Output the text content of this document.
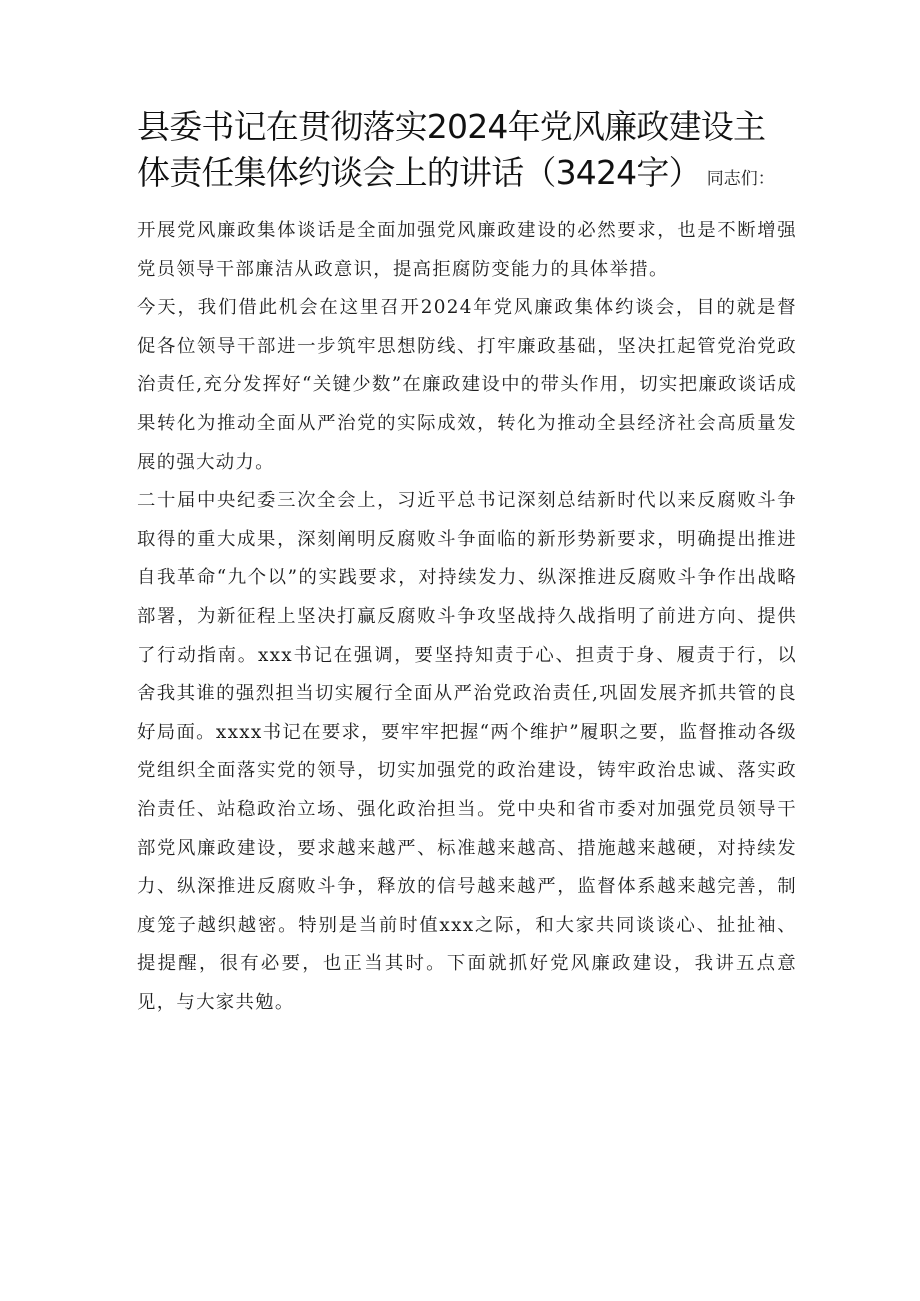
县委书记在贯彻落实2024年党风廉政建设主体责任集体约谈会上的讲话（3424字） 同志们：

开展党风廉政集体谈话是全面加强党风廉政建设的必然要求，也是不断增强党员领导干部廉洁从政意识，提高拒腐防变能力的具体举措。

今天，我们借此机会在这里召开2024年党风廉政集体约谈会，目的就是督促各位领导干部进一步筑牢思想防线、打牢廉政基础，坚决扛起管党治党政治责任,充分发挥好“关键少数”在廉政建设中的带头作用，切实把廉政谈话成果转化为推动全面从严治党的实际成效，转化为推动全县经济社会高质量发展的强大动力。

二十届中央纪委三次全会上，习近平总书记深刻总结新时代以来反腐败斗争取得的重大成果，深刻阐明反腐败斗争面临的新形势新要求，明确提出推进自我革命“九个以”的实践要求，对持续发力、纵深推进反腐败斗争作出战略部署，为新征程上坚决打赢反腐败斗争攻坚战持久战指明了前进方向、提供了行动指南。xxx书记在强调，要坚持知责于心、担责于身、履责于行，以舍我其谁的强烈担当切实履行全面从严治党政治责任,巩固发展齐抓共管的良好局面。xxxx书记在要求，要牢牢把握“两个维护”履职之要，监督推动各级党组织全面落实党的领导，切实加强党的政治建设，铸牢政治忠诚、落实政治责任、站稳政治立场、强化政治担当。党中央和省市委对加强党员领导干部党风廉政建设，要求越来越严、标准越来越高、措施越来越硬，对持续发力、纵深推进反腐败斗争，释放的信号越来越严，监督体系越来越完善，制度笼子越织越密。特别是当前时值xxx之际，和大家共同谈谈心、扯扯袖、提提醒，很有必要，也正当其时。下面就抓好党风廉政建设，我讲五点意见，与大家共勉。
